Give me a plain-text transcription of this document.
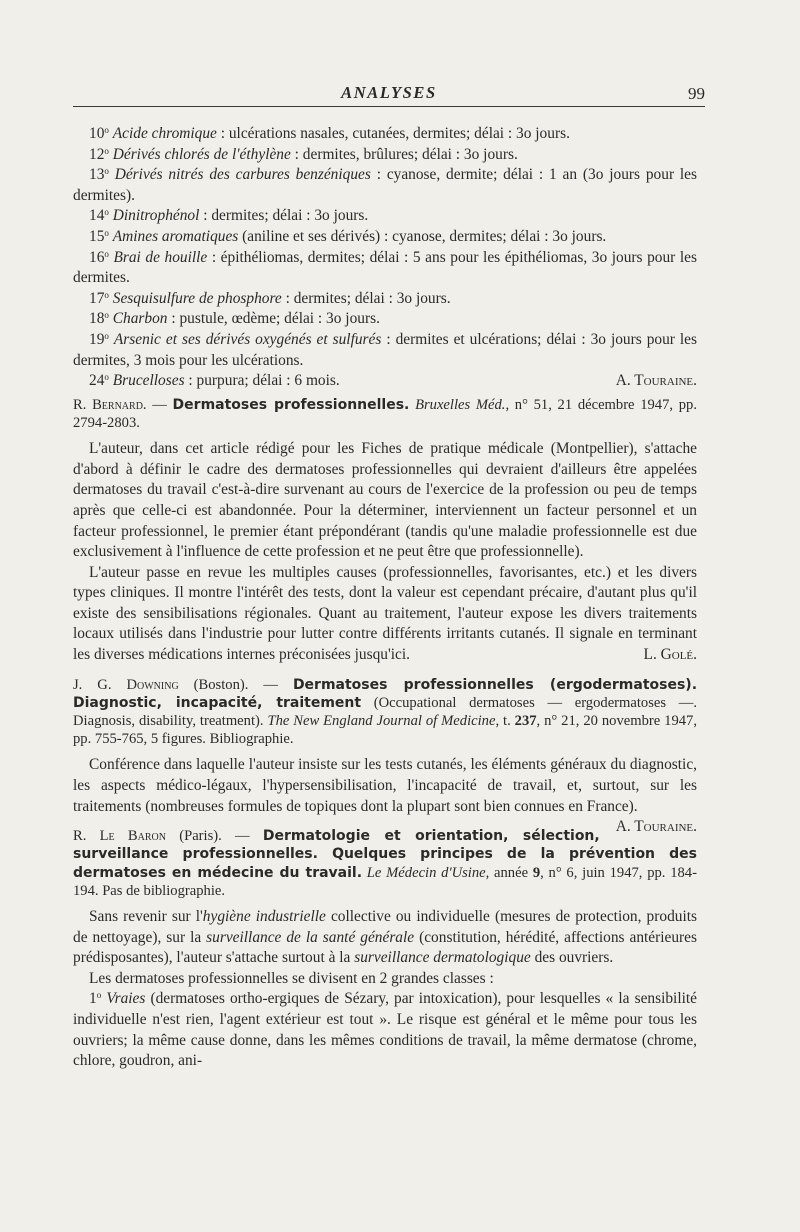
ANALYSES	99

10$^o$ Acide chromique : ulcérations nasales, cutanées, dermites; délai : 3o jours.

12$^o$ Dérivés chlorés de l'éthylène : dermites, brûlures; délai : 3o jours.

13$^o$ Dérivés nitrés des carbures benzéniques : cyanose, dermite; délai : 1 an (3o jours pour les dermites).

14$^o$ Dinitrophénol : dermites; délai : 3o jours.

15$^o$ Amines aromatiques (aniline et ses dérivés) : cyanose, dermites; délai : 3o jours.

16$^o$ Brai de houille : épithéliomas, dermites; délai : 5 ans pour les épithéliomas, 3o jours pour les dermites.

17$^o$ Sesquisulfure de phosphore : dermites; délai : 3o jours.

18$^o$ Charbon : pustule, œdème; délai : 3o jours.

19$^o$ Arsenic et ses dérivés oxygénés et sulfurés : dermites et ulcérations; délai : 3o jours pour les dermites, 3 mois pour les ulcérations.

24$^o$ Brucelloses : purpura; délai : 6 mois.	A. Touraine.

R. Bernard. — Dermatoses professionnelles. Bruxelles Méd., n° 51, 21 décembre 1947, pp. 2794-2803.

L'auteur, dans cet article rédigé pour les Fiches de pratique médicale (Montpellier), s'attache d'abord à définir le cadre des dermatoses professionnelles qui devraient d'ailleurs être appelées dermatoses du travail c'est-à-dire survenant au cours de l'exercice de la profession ou peu de temps après que celle-ci est abandonnée. Pour la déterminer, interviennent un facteur personnel et un facteur professionnel, le premier étant prépondérant (tandis qu'une maladie professionnelle est due exclusivement à l'influence de cette profession et ne peut être que professionnelle).

L'auteur passe en revue les multiples causes (professionnelles, favorisantes, etc.) et les divers types cliniques. Il montre l'intérêt des tests, dont la valeur est cependant précaire, d'autant plus qu'il existe des sensibilisations régionales. Quant au traitement, l'auteur expose les divers traitements locaux utilisés dans l'industrie pour lutter contre différents irritants cutanés. Il signale en terminant les diverses médications internes préconisées jusqu'ici.	L. Golé.

J. G. Downing (Boston). — Dermatoses professionnelles (ergodermatoses). Diagnostic, incapacité, traitement (Occupational dermatoses — ergodermatoses —. Diagnosis, disability, treatment). The New England Journal of Medicine, t. 237, n° 21, 20 novembre 1947, pp. 755-765, 5 figures. Bibliographie.

Conférence dans laquelle l'auteur insiste sur les tests cutanés, les éléments généraux du diagnostic, les aspects médico-légaux, l'hypersensibilisation, l'incapacité de travail, et, surtout, sur les traitements (nombreuses formules de topiques dont la plupart sont bien connues en France).
A. Touraine.

R. Le Baron (Paris). — Dermatologie et orientation, sélection, surveillance professionnelles. Quelques principes de la prévention des dermatoses en médecine du travail. Le Médecin d'Usine, année 9, n° 6, juin 1947, pp. 184-194. Pas de bibliographie.

Sans revenir sur l'hygiène industrielle collective ou individuelle (mesures de protection, produits de nettoyage), sur la surveillance de la santé générale (constitution, hérédité, affections antérieures prédisposantes), l'auteur s'attache surtout à la surveillance dermatologique des ouvriers.

Les dermatoses professionnelles se divisent en 2 grandes classes :

1$^o$ Vraies (dermatoses ortho-ergiques de Sézary, par intoxication), pour lesquelles « la sensibilité individuelle n'est rien, l'agent extérieur est tout ». Le risque est général et le même pour tous les ouvriers; la même cause donne, dans les mêmes conditions de travail, la même dermatose (chrome, chlore, goudron, ani-
